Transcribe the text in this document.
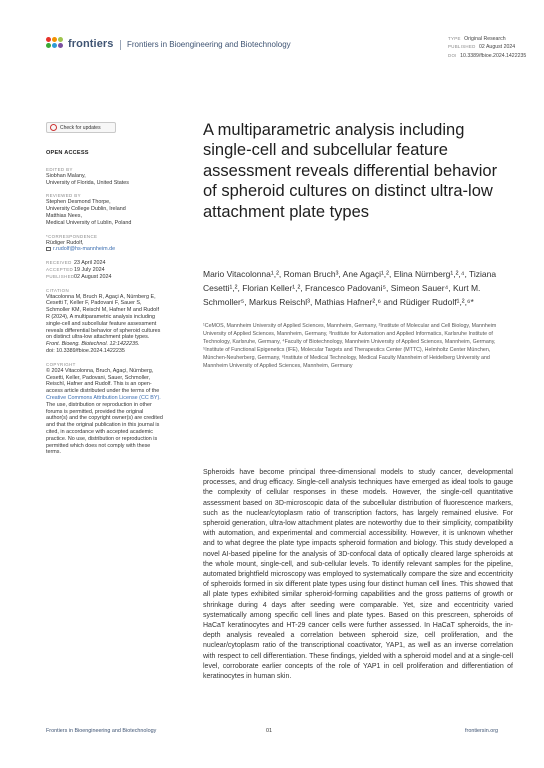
frontiers	Frontiers in Bioengineering and Biotechnology
TYPE Original Research
PUBLISHED 02 August 2024
DOI 10.3389/fbioe.2024.1422235
Check for updates
OPEN ACCESS
EDITED BY
Siobhan Malany,
University of Florida, United States
REVIEWED BY
Stephen Desmond Thorpe,
University College Dublin, Ireland
Matthias Nees,
Medical University of Lublin, Poland
*CORRESPONDENCE
Rüdiger Rudolf,
r.rudolf@hs-mannheim.de
RECEIVED 23 April 2024
ACCEPTED 19 July 2024
PUBLISHED 02 August 2024
CITATION
Vitacolonna M, Bruch R, Agaçi A, Nürnberg E, Cesetti T, Keller F, Padovani F, Sauer S, Schmoller KM, Reischl M, Hafner M and Rudolf R (2024), A multiparametric analysis including single-cell and subcellular feature assessment reveals differential behavior of spheroid cultures on distinct ultra-low attachment plate types.
Front. Bioeng. Biotechnol. 12:1422235.
doi: 10.3389/fbioe.2024.1422235
COPYRIGHT
© 2024 Vitacolonna, Bruch, Agaçi, Nürnberg, Cesetti, Keller, Padovani, Sauer, Schmoller, Reischl, Hafner and Rudolf. This is an open-access article distributed under the terms of the Creative Commons Attribution License (CC BY). The use, distribution or reproduction in other forums is permitted, provided the original author(s) and the copyright owner(s) are credited and that the original publication in this journal is cited, in accordance with accepted academic practice. No use, distribution or reproduction is permitted which does not comply with these terms.
A multiparametric analysis including single-cell and subcellular feature assessment reveals differential behavior of spheroid cultures on distinct ultra-low attachment plate types
Mario Vitacolonna¹,², Roman Bruch³, Ane Agaçi¹,², Elina Nürnberg¹,²,⁴, Tiziana Cesetti¹,², Florian Keller¹,², Francesco Padovani⁵, Simeon Sauer⁴, Kurt M. Schmoller⁵, Markus Reischl³, Mathias Hafner²,⁶ and Rüdiger Rudolf¹,²,⁶*
¹CeMOS, Mannheim University of Applied Sciences, Mannheim, Germany, ²Institute of Molecular and Cell Biology, Mannheim University of Applied Sciences, Mannheim, Germany, ³Institute for Automation and Applied Informatics, Karlsruhe Institute of Technology, Karlsruhe, Germany, ⁴Faculty of Biotechnology, Mannheim University of Applied Sciences, Mannheim, Germany, ⁵Institute of Functional Epigenetics (IFE), Molecular Targets and Therapeutics Center (MTTC), Helmholtz Center München, München-Neuherberg, Germany, ⁶Institute of Medical Technology, Medical Faculty Mannheim of Heidelberg University and Mannheim University of Applied Sciences, Mannheim, Germany
Spheroids have become principal three-dimensional models to study cancer, developmental processes, and drug efficacy. Single-cell analysis techniques have emerged as ideal tools to gauge the complexity of cellular responses in these models. However, the single-cell quantitative assessment based on 3D-microscopic data of the subcellular distribution of fluorescence markers, such as the nuclear/cytoplasm ratio of transcription factors, has largely remained elusive. For spheroid generation, ultra-low attachment plates are noteworthy due to their simplicity, compatibility with automation, and experimental and commercial accessibility. However, it is unknown whether and to what degree the plate type impacts spheroid formation and biology. This study developed a novel AI-based pipeline for the analysis of 3D-confocal data of optically cleared large spheroids at the whole mount, single-cell, and sub-cellular levels. To identify relevant samples for the pipeline, automated brightfield microscopy was employed to systematically compare the size and eccentricity of spheroids formed in six different plate types using four distinct human cell lines. This showed that all plate types exhibited similar spheroid-forming capabilities and the gross patterns of growth or shrinkage during 4 days after seeding were comparable. Yet, size and eccentricity varied systematically among specific cell lines and plate types. Based on this prescreen, spheroids of HaCaT keratinocytes and HT-29 cancer cells were further assessed. In HaCaT spheroids, the in-depth analysis revealed a correlation between spheroid size, cell proliferation, and the nuclear/cytoplasm ratio of the transcriptional coactivator, YAP1, as well as an inverse correlation with respect to cell differentiation. These findings, yielded with a spheroid model and at a single-cell level, corroborate earlier concepts of the role of YAP1 in cell proliferation and differentiation of keratinocytes in human skin.
Frontiers in Bioengineering and Biotechnology	01	frontiersin.org
